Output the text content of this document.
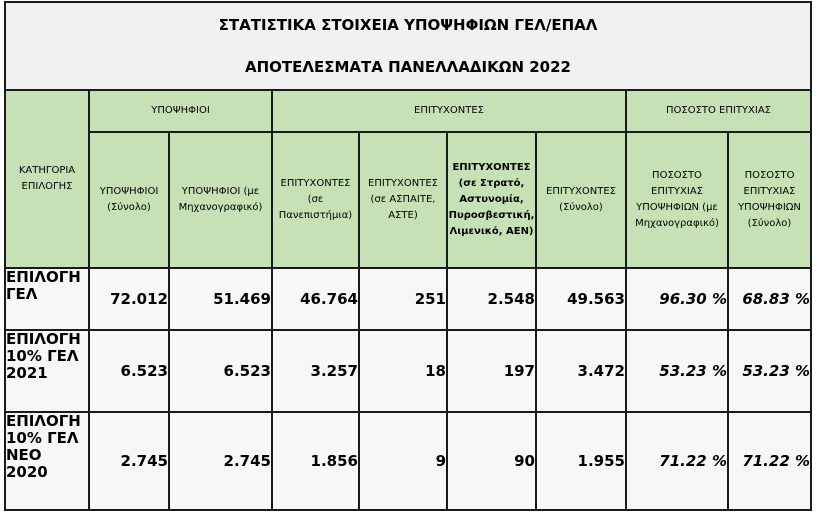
ΣΤΑΤΙΣΤΙΚΑ ΣΤΟΙΧΕΙΑ ΥΠΟΨΗΦΙΩΝ ΓΕΛ/ΕΠΑΛ
ΑΠΟΤΕΛΕΣΜΑΤΑ ΠΑΝΕΛΛΑΔΙΚΩΝ 2022								

ΚΑΤΗΓΟΡΙΑ ΕΠΙΛΟΓΗΣ	ΥΠΟΨΗΦΙΟΙ		ΕΠΙΤΥΧΟΝΤΕΣ				ΠΟΣΟΣΤΟ ΕΠΙΤΥΧΙΑΣ	
	ΥΠΟΨΗΦΙΟΙ (Σύνολο)	ΥΠΟΨΗΦΙΟΙ (με Μηχανογραφικό)	ΕΠΙΤΥΧΟΝΤΕΣ (σε Πανεπιστήμια)	ΕΠΙΤΥΧΟΝΤΕΣ (σε ΑΣΠΑΙΤΕ, ΑΣΤΕ)	ΕΠΙΤΥΧΟΝΤΕΣ (σε Στρατό, Αστυνομία, Πυροσβεστική, Λιμενικό, ΑΕΝ)	ΕΠΙΤΥΧΟΝΤΕΣ (Σύνολο)	ΠΟΣΟΣΤΟ ΕΠΙΤΥΧΙΑΣ ΥΠΟΨΗΦΙΩΝ (με Μηχανογραφικό)	ΠΟΣΟΣΤΟ ΕΠΙΤΥΧΙΑΣ ΥΠΟΨΗΦΙΩΝ (Σύνολο)
ΕΠΙΛΟΓΗ ΓΕΛ	72.012	51.469	46.764	251	2.548	49.563	96.30 %	68.83 %
ΕΠΙΛΟΓΗ 10% ΓΕΛ 2021	6.523	6.523	3.257	18	197	3.472	53.23 %	53.23 %
ΕΠΙΛΟΓΗ 10% ΓΕΛ ΝΕΟ 2020	2.745	2.745	1.856	9	90	1.955	71.22 %	71.22 %
